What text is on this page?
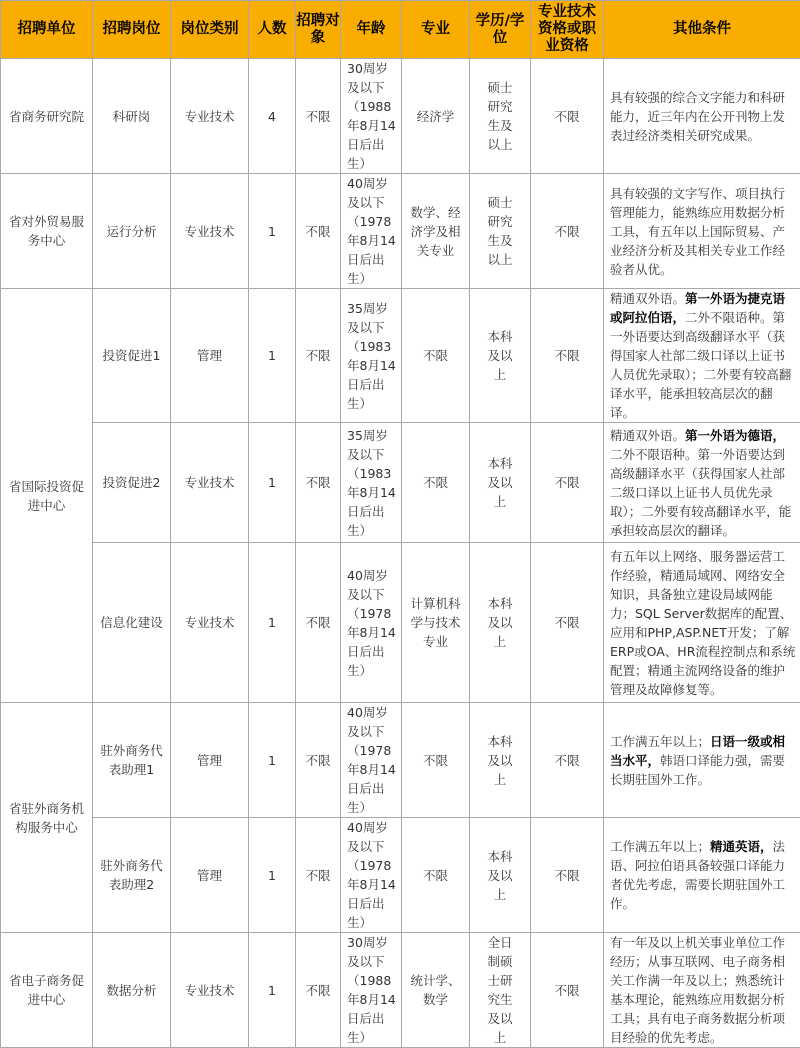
招聘单位	招聘岗位	岗位类别	人数	招聘对象	年龄	专业	学历/学位	专业技术资格或职业资格	其他条件
省商务研究院	科研岗	专业技术	4	不限	30周岁及以下（1988年8月14日后出生）	经济学	硕士研究生及以上	不限	具有较强的综合文字能力和科研能力，近三年内在公开刊物上发表过经济类相关研究成果。
省对外贸易服务中心	运行分析	专业技术	1	不限	40周岁及以下（1978年8月14日后出生）	数学、经济学及相关专业	硕士研究生及以上	不限	具有较强的文字写作、项目执行管理能力，能熟练应用数据分析工具，有五年以上国际贸易、产业经济分析及其相关专业工作经验者从优。
省国际投资促进中心	投资促进1	管理	1	不限	35周岁及以下（1983年8月14日后出生）	不限	本科及以上	不限	精通双外语。第一外语为捷克语或阿拉伯语，二外不限语种。第一外语要达到高级翻译水平（获得国家人社部二级口译以上证书人员优先录取）；二外要有较高翻译水平，能承担较高层次的翻译。
	投资促进2	专业技术	1	不限	35周岁及以下（1983年8月14日后出生）	不限	本科及以上	不限	精通双外语。第一外语为德语，二外不限语种。第一外语要达到高级翻译水平（获得国家人社部二级口译以上证书人员优先录取）；二外要有较高翻译水平，能承担较高层次的翻译。
	信息化建设	专业技术	1	不限	40周岁及以下（1978年8月14日后出生）	计算机科学与技术专业	本科及以上	不限	有五年以上网络、服务器运营工作经验，精通局域网、网络安全知识，具备独立建设局域网能力；SQL Server数据库的配置、应用和PHP,ASP.NET开发；了解ERP或OA、HR流程控制点和系统配置；精通主流网络设备的维护管理及故障修复等。
省驻外商务机构服务中心	驻外商务代表助理1	管理	1	不限	40周岁及以下（1978年8月14日后出生）	不限	本科及以上	不限	工作满五年以上；日语一级或相当水平，韩语口译能力强，需要长期驻国外工作。
	驻外商务代表助理2	管理	1	不限	40周岁及以下（1978年8月14日后出生）	不限	本科及以上	不限	工作满五年以上；精通英语，法语、阿拉伯语具备较强口译能力者优先考虑，需要长期驻国外工作。
省电子商务促进中心	数据分析	专业技术	1	不限	30周岁及以下（1988年8月14日后出生）	统计学、数学	全日制硕士研究生及以上	不限	有一年及以上机关事业单位工作经历；从事互联网、电子商务相关工作满一年及以上；熟悉统计基本理论，能熟练应用数据分析工具；具有电子商务数据分析项目经验的优先考虑。
